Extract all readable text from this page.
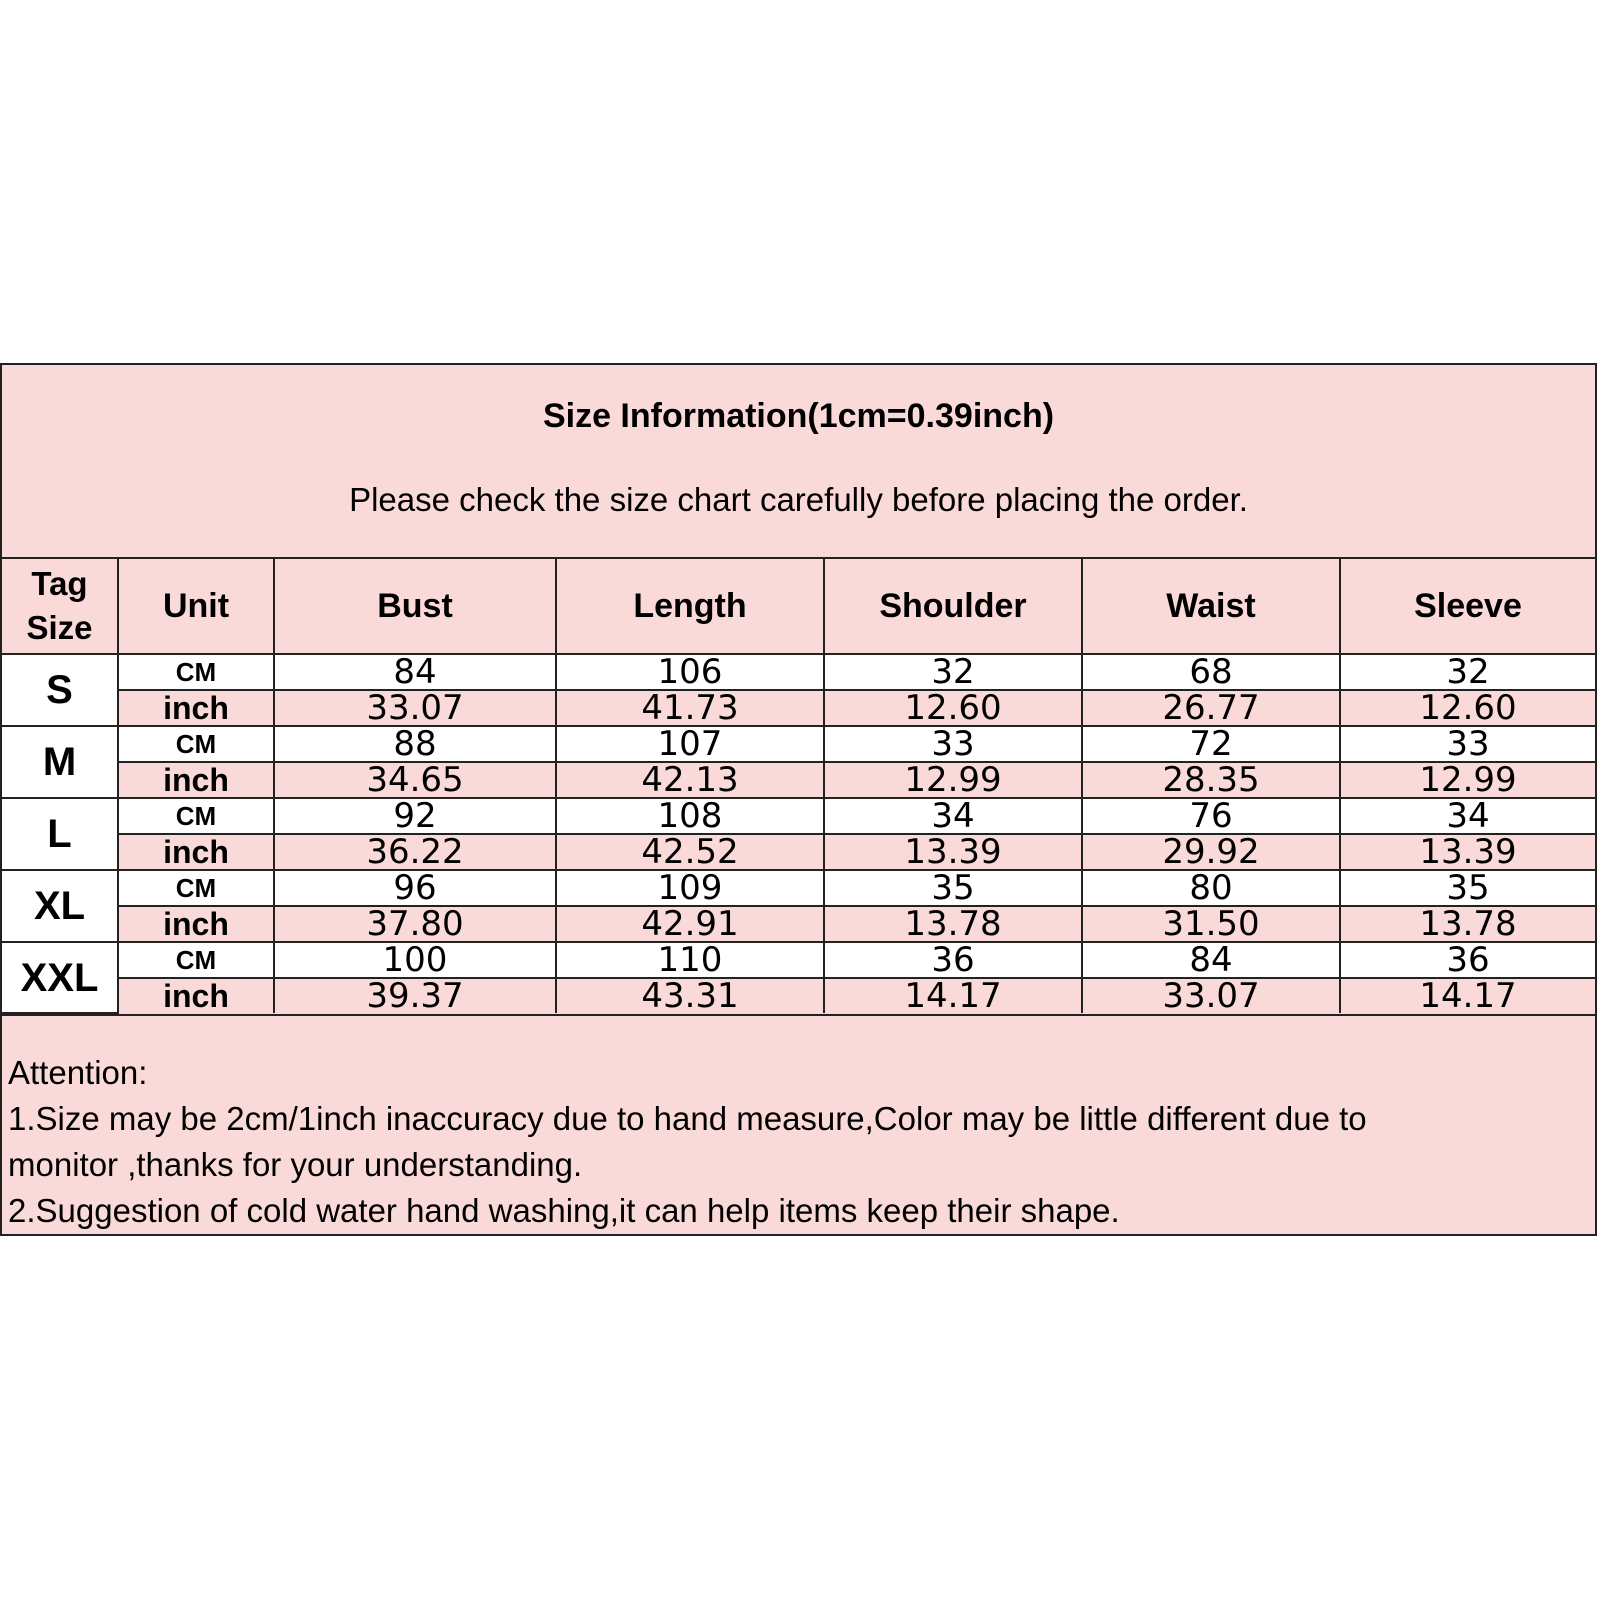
Size Information(1cm=0.39inch)
Please check the size chart carefully before placing the order.
Tag Size	Unit	Bust	Length	Shoulder	Waist	Sleeve
S	CM	84	106	32	68	32
	inch	33.07	41.73	12.60	26.77	12.60
M	CM	88	107	33	72	33
	inch	34.65	42.13	12.99	28.35	12.99
L	CM	92	108	34	76	34
	inch	36.22	42.52	13.39	29.92	13.39
XL	CM	96	109	35	80	35
	inch	37.80	42.91	13.78	31.50	13.78
XXL	CM	100	110	36	84	36
	inch	39.37	43.31	14.17	33.07	14.17
Attention:
1.Size may be 2cm/1inch inaccuracy due to hand measure,Color may be little different due to
monitor ,thanks for your understanding.
2.Suggestion of cold water hand washing,it can help items keep their shape.
